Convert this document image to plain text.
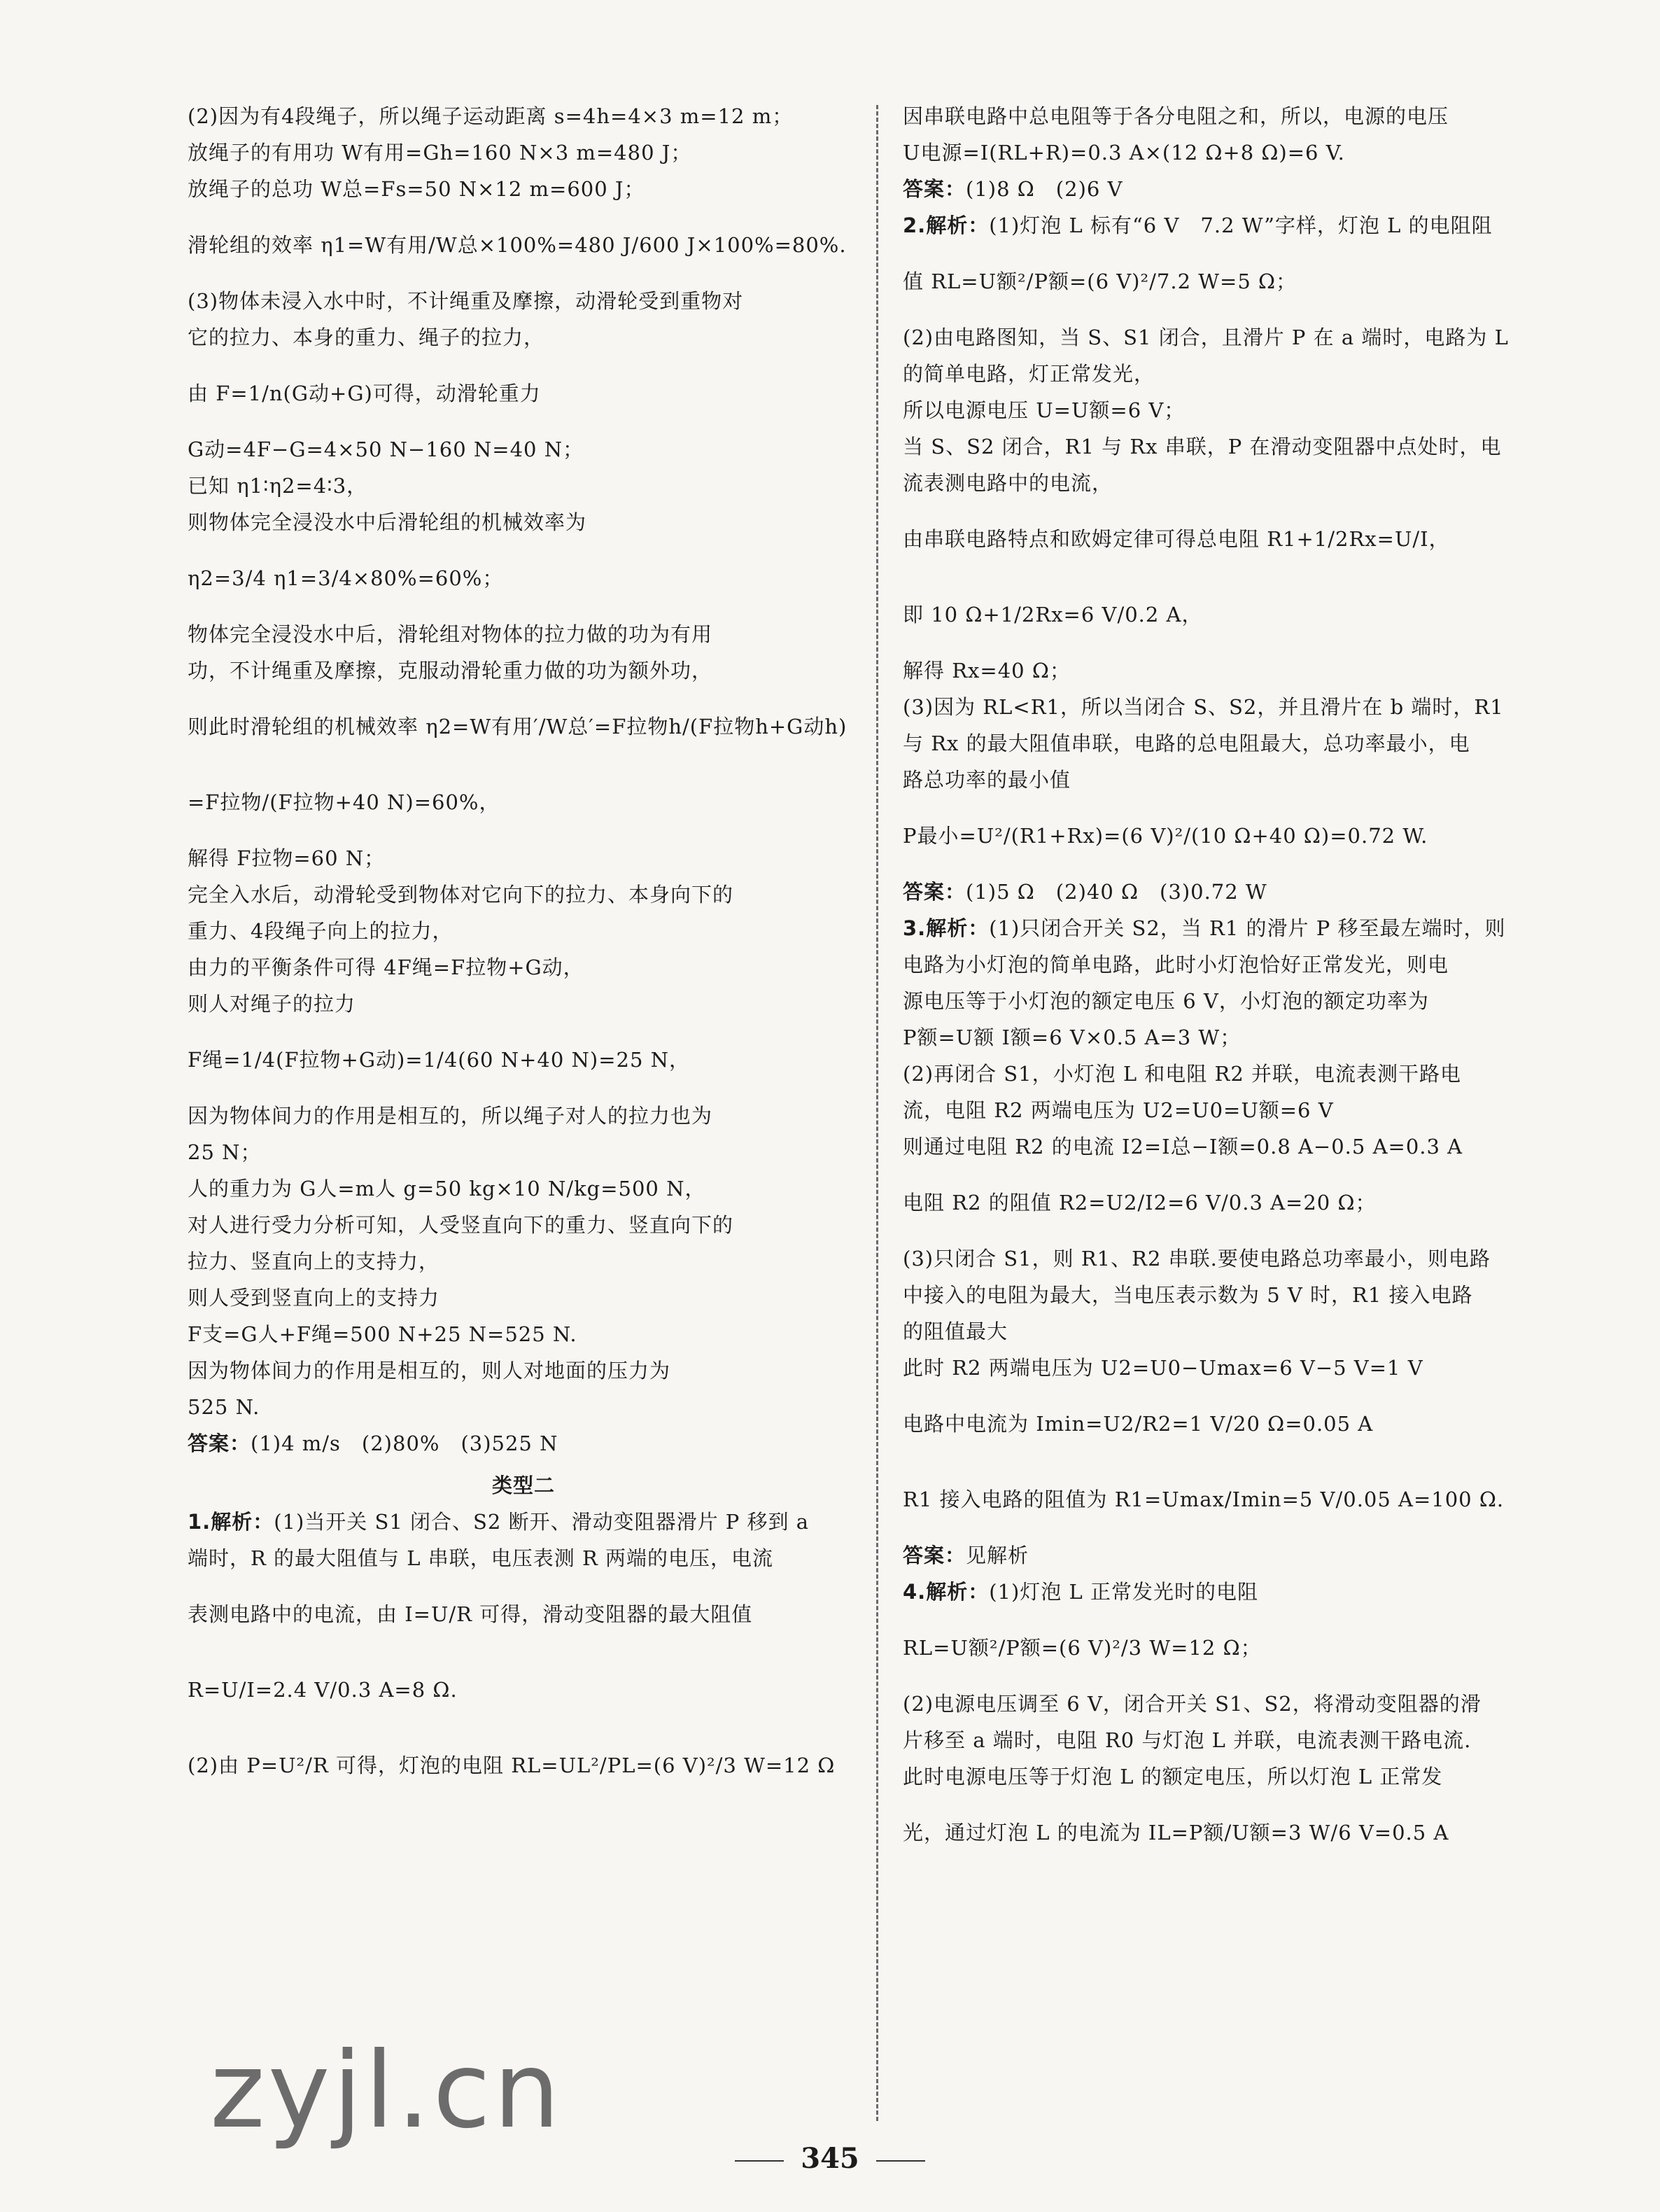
(2)因为有4段绳子，所以绳子运动距离 s=4h=4×3 m=12 m；
放绳子的有用功 W有用=Gh=160 N×3 m=480 J；
放绳子的总功 W总=Fs=50 N×12 m=600 J；
滑轮组的效率 η1=W有用/W总×100%=480 J/600 J×100%=80%.
(3)物体未浸入水中时，不计绳重及摩擦，动滑轮受到重物对
它的拉力、本身的重力、绳子的拉力，
由 F=1/n(G动+G)可得，动滑轮重力
G动=4F−G=4×50 N−160 N=40 N；
已知 η1∶η2=4∶3，
则物体完全浸没水中后滑轮组的机械效率为
η2=3/4 η1=3/4×80%=60%；
物体完全浸没水中后，滑轮组对物体的拉力做的功为有用
功，不计绳重及摩擦，克服动滑轮重力做的功为额外功，
则此时滑轮组的机械效率 η2=W有用′/W总′=F拉物h/(F拉物h+G动h)
=F拉物/(F拉物+40 N)=60%，
解得 F拉物=60 N；
完全入水后，动滑轮受到物体对它向下的拉力、本身向下的
重力、4段绳子向上的拉力，
由力的平衡条件可得 4F绳=F拉物+G动，
则人对绳子的拉力
F绳=1/4(F拉物+G动)=1/4(60 N+40 N)=25 N，
因为物体间力的作用是相互的，所以绳子对人的拉力也为
25 N；
人的重力为 G人=m人 g=50 kg×10 N/kg=500 N，
对人进行受力分析可知，人受竖直向下的重力、竖直向下的
拉力、竖直向上的支持力，
则人受到竖直向上的支持力
F支=G人+F绳=500 N+25 N=525 N.
因为物体间力的作用是相互的，则人对地面的压力为
525 N.
答案：(1)4 m/s　(2)80%　(3)525 N
类型二
1.解析：(1)当开关 S1 闭合、S2 断开、滑动变阻器滑片 P 移到 a
端时，R 的最大阻值与 L 串联，电压表测 R 两端的电压，电流
表测电路中的电流，由 I=U/R 可得，滑动变阻器的最大阻值
R=U/I=2.4 V/0.3 A=8 Ω.
(2)由 P=U²/R 可得，灯泡的电阻 RL=UL²/PL=(6 V)²/3 W=12 Ω
因串联电路中总电阻等于各分电阻之和，所以，电源的电压
U电源=I(RL+R)=0.3 A×(12 Ω+8 Ω)=6 V.
答案：(1)8 Ω　(2)6 V
2.解析：(1)灯泡 L 标有“6 V　7.2 W”字样，灯泡 L 的电阻阻
值 RL=U额²/P额=(6 V)²/7.2 W=5 Ω；
(2)由电路图知，当 S、S1 闭合，且滑片 P 在 a 端时，电路为 L
的简单电路，灯正常发光，
所以电源电压 U=U额=6 V；
当 S、S2 闭合，R1 与 Rx 串联，P 在滑动变阻器中点处时，电
流表测电路中的电流，
由串联电路特点和欧姆定律可得总电阻 R1+1/2Rx=U/I，
即 10 Ω+1/2Rx=6 V/0.2 A，
解得 Rx=40 Ω；
(3)因为 RL<R1，所以当闭合 S、S2，并且滑片在 b 端时，R1
与 Rx 的最大阻值串联，电路的总电阻最大，总功率最小，电
路总功率的最小值
P最小=U²/(R1+Rx)=(6 V)²/(10 Ω+40 Ω)=0.72 W.
答案：(1)5 Ω　(2)40 Ω　(3)0.72 W
3.解析：(1)只闭合开关 S2，当 R1 的滑片 P 移至最左端时，则
电路为小灯泡的简单电路，此时小灯泡恰好正常发光，则电
源电压等于小灯泡的额定电压 6 V，小灯泡的额定功率为
P额=U额 I额=6 V×0.5 A=3 W；
(2)再闭合 S1，小灯泡 L 和电阻 R2 并联，电流表测干路电
流，电阻 R2 两端电压为 U2=U0=U额=6 V
则通过电阻 R2 的电流 I2=I总−I额=0.8 A−0.5 A=0.3 A
电阻 R2 的阻值 R2=U2/I2=6 V/0.3 A=20 Ω；
(3)只闭合 S1，则 R1、R2 串联.要使电路总功率最小，则电路
中接入的电阻为最大，当电压表示数为 5 V 时，R1 接入电路
的阻值最大
此时 R2 两端电压为 U2=U0−Umax=6 V−5 V=1 V
电路中电流为 Imin=U2/R2=1 V/20 Ω=0.05 A
R1 接入电路的阻值为 R1=Umax/Imin=5 V/0.05 A=100 Ω.
答案：见解析
4.解析：(1)灯泡 L 正常发光时的电阻
RL=U额²/P额=(6 V)²/3 W=12 Ω；
(2)电源电压调至 6 V，闭合开关 S1、S2，将滑动变阻器的滑
片移至 a 端时，电阻 R0 与灯泡 L 并联，电流表测干路电流.
此时电源电压等于灯泡 L 的额定电压，所以灯泡 L 正常发
光，通过灯泡 L 的电流为 IL=P额/U额=3 W/6 V=0.5 A
zyjl.cn
345
